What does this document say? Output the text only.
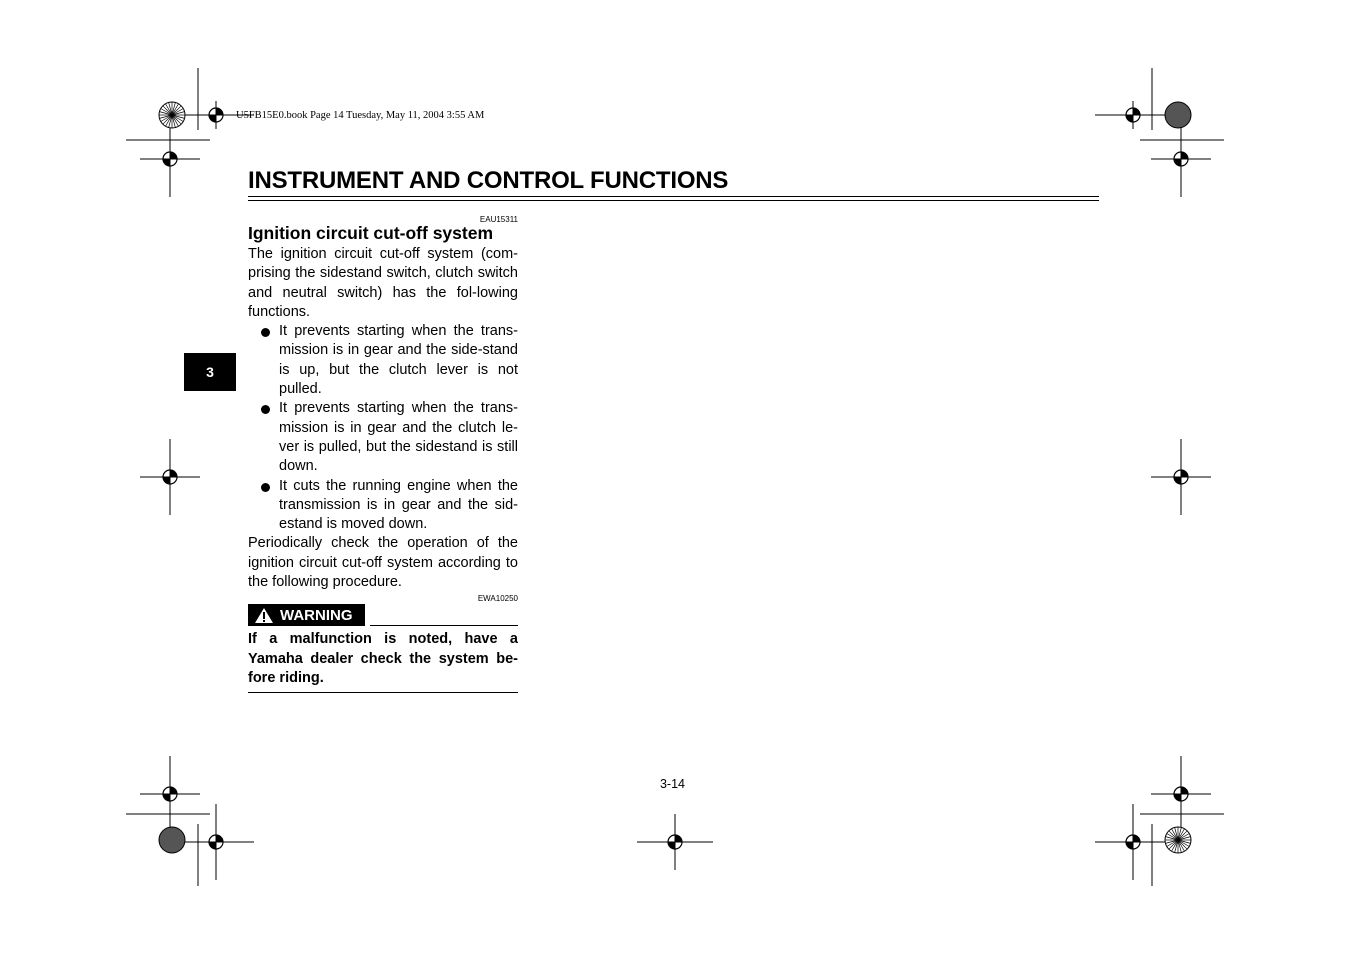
U5FB15E0.book Page 14 Tuesday, May 11, 2004 3:55 AM
INSTRUMENT AND CONTROL FUNCTIONS
3
EAU15311
Ignition circuit cut-off system

The ignition circuit cut-off system (com-prising the sidestand switch, clutch switch and neutral switch) has the fol-lowing functions.

It prevents starting when the trans-mission is in gear and the side-stand is up, but the clutch lever is not pulled.
It prevents starting when the trans-mission is in gear and the clutch le-ver is pulled, but the sidestand is still down.
It cuts the running engine when the transmission is in gear and the sid-estand is moved down.

Periodically check the operation of the ignition circuit cut-off system according to the following procedure.

EWA10250
WARNING

If a malfunction is noted, have a Yamaha dealer check the system be-fore riding.

3-14
